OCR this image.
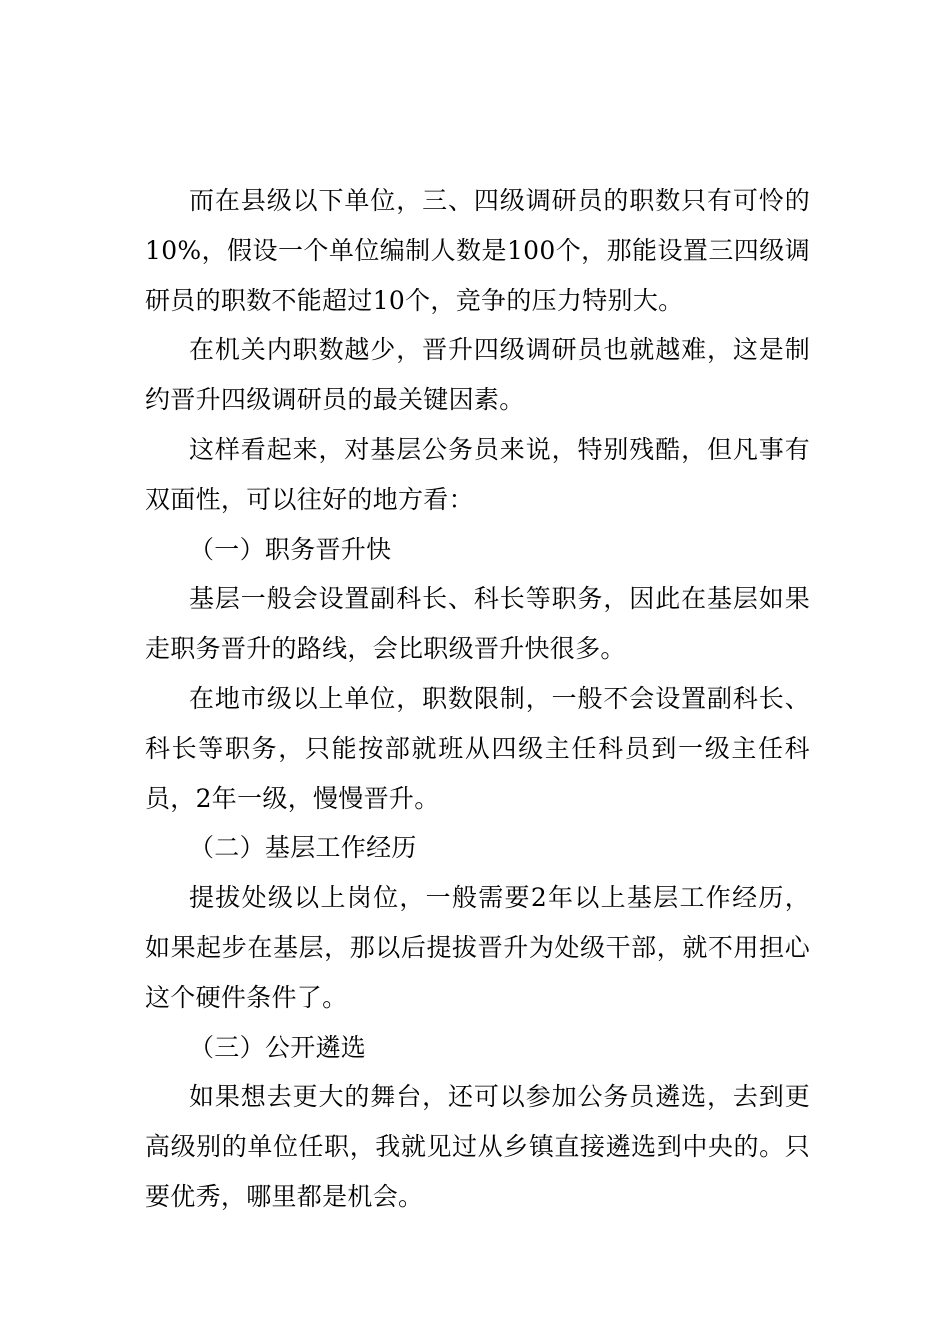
而在县级以下单位，三、四级调研员的职数只有可怜的10%，假设一个单位编制人数是100个，那能设置三四级调研员的职数不能超过10个，竞争的压力特别大。

在机关内职数越少，晋升四级调研员也就越难，这是制约晋升四级调研员的最关键因素。

这样看起来，对基层公务员来说，特别残酷，但凡事有双面性，可以往好的地方看：

（一）职务晋升快

基层一般会设置副科长、科长等职务，因此在基层如果走职务晋升的路线，会比职级晋升快很多。

在地市级以上单位，职数限制，一般不会设置副科长、科长等职务，只能按部就班从四级主任科员到一级主任科员，2年一级，慢慢晋升。

（二）基层工作经历

提拔处级以上岗位，一般需要2年以上基层工作经历，如果起步在基层，那以后提拔晋升为处级干部，就不用担心这个硬件条件了。

（三）公开遴选

如果想去更大的舞台，还可以参加公务员遴选，去到更高级别的单位任职，我就见过从乡镇直接遴选到中央的。只要优秀，哪里都是机会。
